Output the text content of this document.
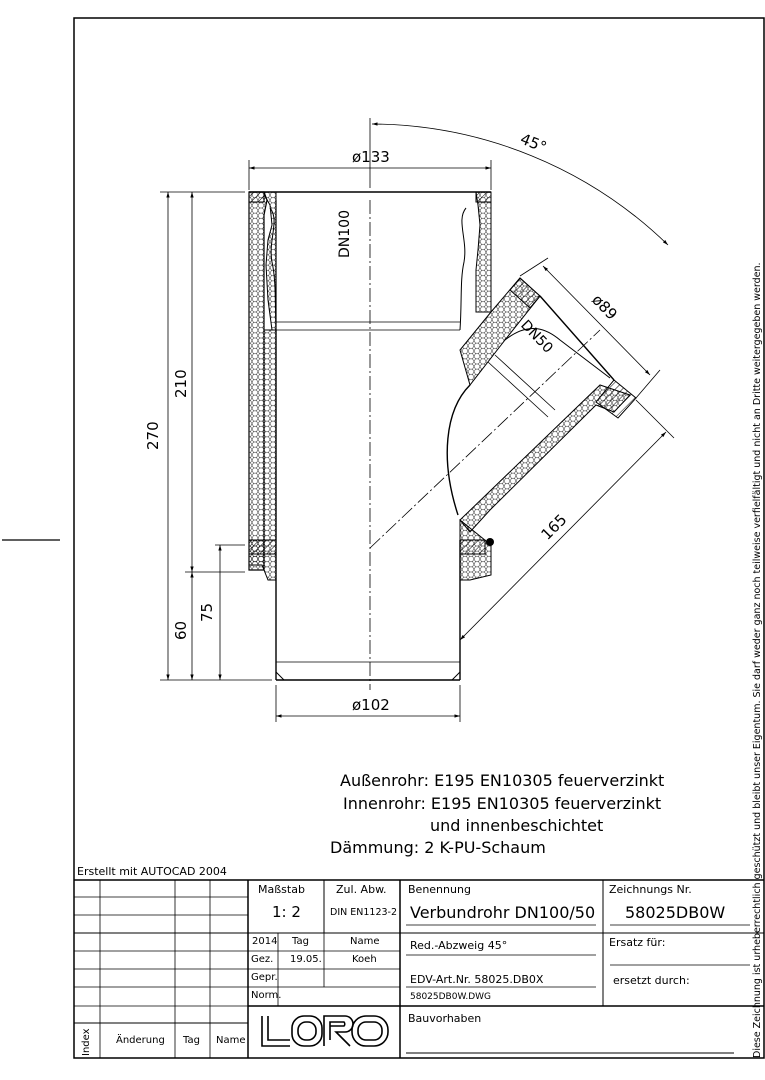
ø133
ø102
45°
ø89
165
270
210
60
75
DN100
DN50
Außenrohr: E195 EN10305 feuerverzinkt
Innenrohr: E195 EN10305 feuerverzinkt
und innenbeschichtet
Dämmung: 2 K-PU-Schaum
Erstellt mit AUTOCAD 2004
Maßstab
1: 2
Zul. Abw.
DIN EN1123-2
Benennung
Verbundrohr DN100/50
Red.-Abzweig 45°
EDV-Art.Nr. 58025.DB0X
58025DB0W.DWG
Bauvorhaben
Zeichnungs Nr.
58025DB0W
Ersatz für:
ersetzt durch:
2014 Tag	Name
Gez. 19.05.	Koeh
Gepr.
Norm.
Index Änderung Tag Name	Diese Zeichnung ist urheberrechtlich geschützt und bleibt unser Eigentum. Sie darf weder ganz noch teilweise verfielfältigt und nicht an Dritte weitergegeben werden.
